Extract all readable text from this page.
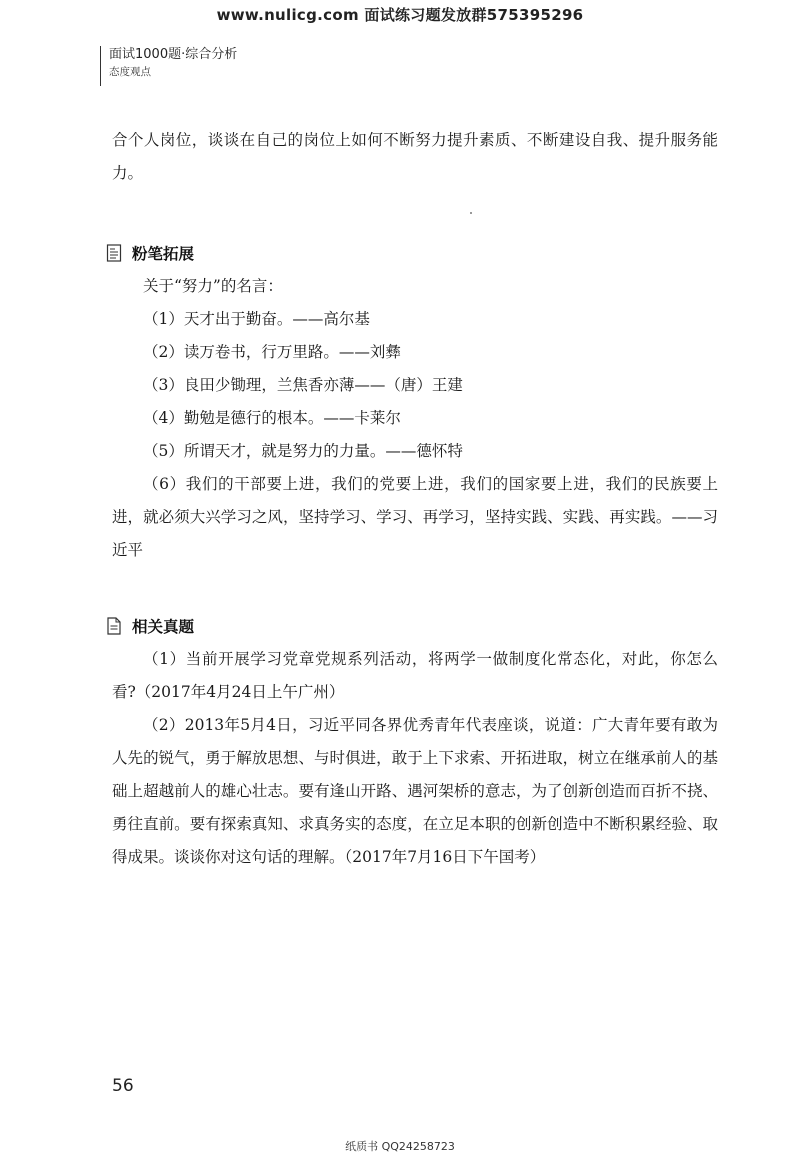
www.nulicg.com 面试练习题发放群575395296
面试1000题·综合分析
态度观点

合个人岗位，谈谈在自己的岗位上如何不断努力提升素质、不断建设自我、提升服务能力。

粉笔拓展

关于“努力”的名言：

（1）天才出于勤奋。——高尔基

（2）读万卷书，行万里路。——刘彝

（3）良田少锄理，兰焦香亦薄——（唐）王建

（4）勤勉是德行的根本。——卡莱尔

（5）所谓天才，就是努力的力量。——德怀特

（6）我们的干部要上进，我们的党要上进，我们的国家要上进，我们的民族要上进，就必须大兴学习之风，坚持学习、学习、再学习，坚持实践、实践、再实践。——习近平

相关真题

（1）当前开展学习党章党规系列活动，将两学一做制度化常态化，对此，你怎么看?（2017年4月24日上午广州）

（2）2013年5月4日，习近平同各界优秀青年代表座谈，说道：广大青年要有敢为人先的锐气，勇于解放思想、与时俱进，敢于上下求索、开拓进取，树立在继承前人的基础上超越前人的雄心壮志。要有逢山开路、遇河架桥的意志，为了创新创造而百折不挠、勇往直前。要有探索真知、求真务实的态度，在立足本职的创新创造中不断积累经验、取得成果。谈谈你对这句话的理解。（2017年7月16日下午国考）

56
纸质书 QQ24258723
